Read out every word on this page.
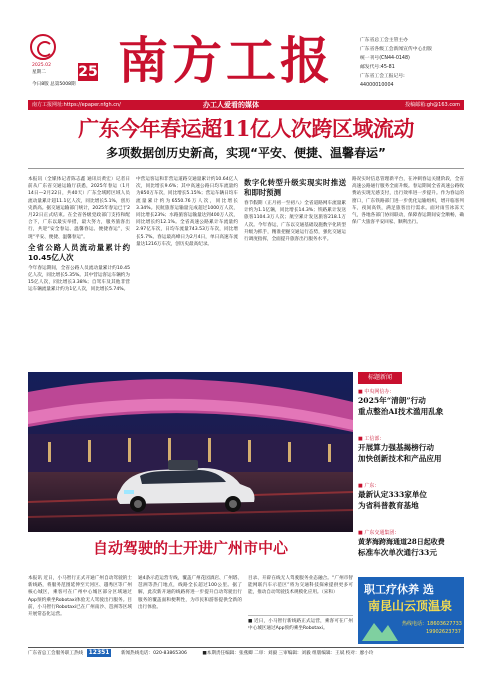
2025.02
星期二 25
今日8版 总第5008期 南方工报	广东省总工会主管主办
广东省各级工会新闻宣传中心出版
统一刊号(CN44-0148)
邮发代号:45-81
广东省工会工报记号:
44000010004
南方工报网址:https://epaper.nfgh.cn/	办工人爱看的媒体	投稿邮箱:gh@163.com
广东今年春运超11亿人次跨区域流动
多项数据创历史新高，实现“平安、便捷、温馨春运”
本报讯（全媒体记者陈志鑫 通讯员黄宏）记者日前从广东省交通运输厅获悉，2025年春运（1月14日—2月22日，共40天）广东全域跨区域人员流动量累计超11.1亿人次，同比增长5.1%，创历史新高。据交通运输部门统计，2025年春运已于2月22日正式结束。在全省各级党政部门支持和配合下，广东以最实举措，最大努力，服务旅客出行，共迎“安全春运、温馨春运、便捷春运”，实现“平安、便捷、温馨春运”。
全省公路人员流动量累计约10.45亿人次
今年春运期间，全省公路人员流动量累计约10.45亿人次，同比增长5.35%。其中营运客运车辆约为15亿人次，同比增长3.38%；自驾车及其他非营运车辆流量累计约为1亿人次，同比增长5.74%。
中营运客运和非营运道路交通量累计约10.64亿人次，同比增长9.6%；其中高速公路日均车流量约为850万车次，同比增长5.15%；营运车辆日均车流量累计约为6550.76万人次，同比增长3.34%。民航旅客运输量完成超过1000万人次，同比增长23%；水路旅客运输量达到400万人次，同比增长约12.1%。全省高速公路累计车流量约2.97亿车次，日均车流量743.53万车次，同比增长5.7%。春运最高峰日为2月4日，单日高速车流量达1216万车次，创历史最高纪录。
数字化转型升级实现实时推送和即时预测
春节假期（正月初一至初八）全省道路网车流量累计约为1.1亿辆，同比增长14.3%；铁路累计发送旅客1104.3万人次；航空累计发送旅客218.1万人次。今年春运，广东以交通基础设施数字化转型升级为抓手，精准把握交通运行态势，强化交通运行调度指挥，全面提升旅客出行服务水平。
路况实时信息管理新平台，在冲刺春运关键阶段，全省高速公路通行服务全面升级。春运期间全省高速公路收费站实现无感支付，出行效率进一步提升。作为春运的窗口，广东铁路部门进一步优化运输组织，增开临客列车，夜间高铁，满足旅客出行需求。面对雨雪冰冻天气，各地各部门协同联动，保障春运期间安全顺畅，确保广大旅客平安回家、顺利出行。
自动驾驶的士开进广州市中心
本报讯 近日，小马智行正式开通广州自动驾驶的士新线路，将服务范围延伸至天河区、越秀区等广州核心城区，乘客可在广州中心城区部分区域通过App预约乘坐Robotaxi体验无人驾驶出行服务。目前，小马智行Robotaxi已在广州南沙、琶洲等区域开展常态化运营。
通4条示范运营专线，覆盖广州花园酒店、广州塔、琶洲等热门地点，线路全长超过100公里。据了解，此次新开通的线路将进一步提升自动驾驶出行服务的覆盖面和便利性，为市民和游客提供全新的出行体验。
目录、开辟在线无人驾驶服务业态融合。“广州市智能网联汽车示范区”将为交通科技探索提供更多可能，推动自动驾驶技术规模化应用。（宋和）
■ 近日，小马智行新线路正式运营，乘客可在广州中心城区通过App预约乘坐Robotaxi。
标题新闻
■ 中央网信办：
2025年“清朗”行动
重点整治AI技术滥用乱象
■ 工信部：
开展算力强基揭榜行动
加快创新技术和产品应用
■ 广东：
最新认定333家单位
为省科普教育基地
■ 广东交通集团：
黄茅海跨海通道28日起收费
标准车次单次通行33元
职工疗休养 选
南昆山云顶温泉
热线电话：18603627733
19902623737
广东省总工会服务职工热线 12351 新闻热线电话：020-83865306	■本期责任编辑：张燕卿 二审：刘毅 三审编辑：刘毅 组版编辑：王斌 校对：廖小玲
